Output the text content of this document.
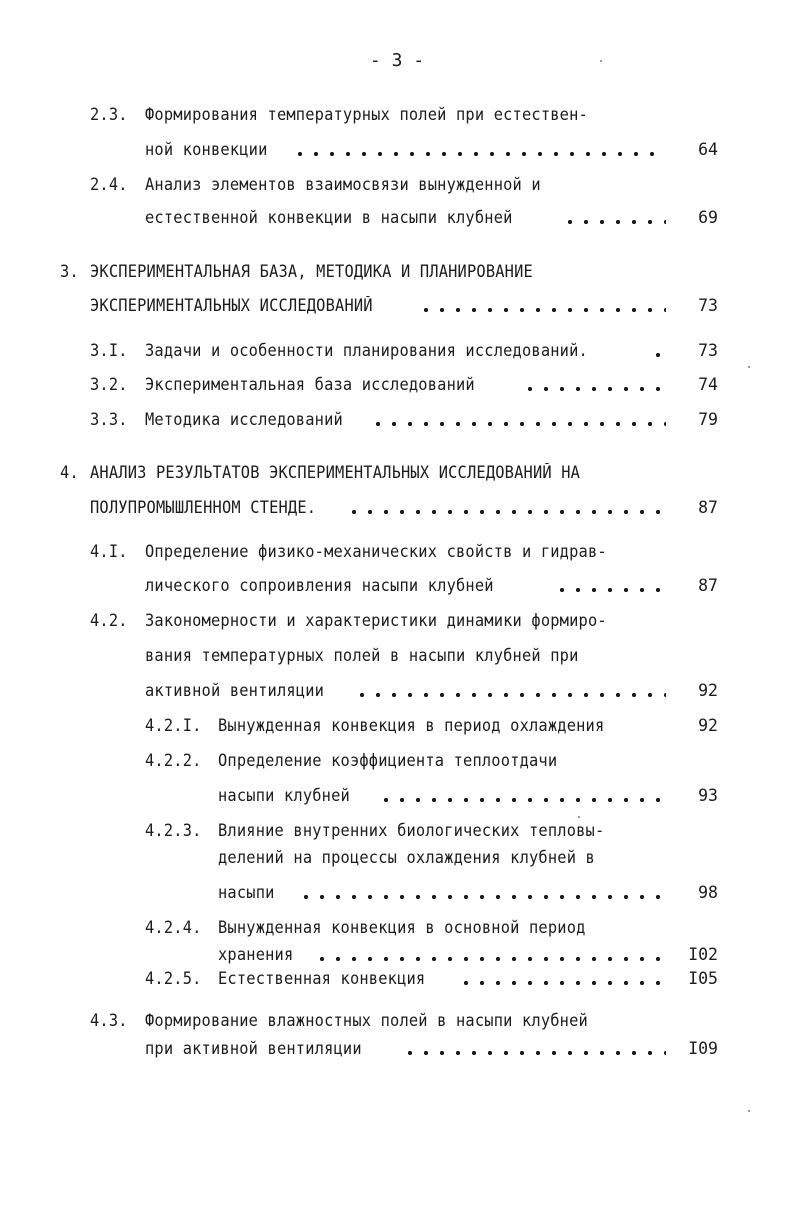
- 3 -
2.3. Формирования температурных полей при естествен-
ной конвекции	64
2.4. Анализ элементов взаимосвязи вынужденной и
естественной конвекции в насыпи клубней	69
3. ЭКСПЕРИМЕНТАЛЬНАЯ БАЗА, МЕТОДИКА И ПЛАНИРОВАНИЕ
ЭКСПЕРИМЕНТАЛЬНЫХ ИССЛЕДОВАНИЙ	73
3.I. Задачи и особенности планирования исследований.	73
3.2. Экспериментальная база исследований	74
3.3. Методика исследований	79
4. АНАЛИЗ РЕЗУЛЬТАТОВ ЭКСПЕРИМЕНТАЛЬНЫХ ИССЛЕДОВАНИЙ НА
ПОЛУПРОМЫШЛЕННОМ СТЕНДЕ.	87
4.I. Определение физико-механических свойств и гидрав-
лического сопроивления насыпи клубней	87
4.2. Закономерности и характеристики динамики формиро-
вания температурных полей в насыпи клубней при
активной вентиляции	92
4.2.I. Вынужденная конвекция в период охлаждения	92
4.2.2. Определение коэффициента теплоотдачи
насыпи клубней	93
4.2.3. Влияние внутренних биологических тепловы-
делений на процессы охлаждения клубней в
насыпи	98
4.2.4. Вынужденная конвекция в основной период
хранения	I02
4.2.5. Естественная конвекция	I05
4.3. Формирование влажностных полей в насыпи клубней
при активной вентиляции	I09
